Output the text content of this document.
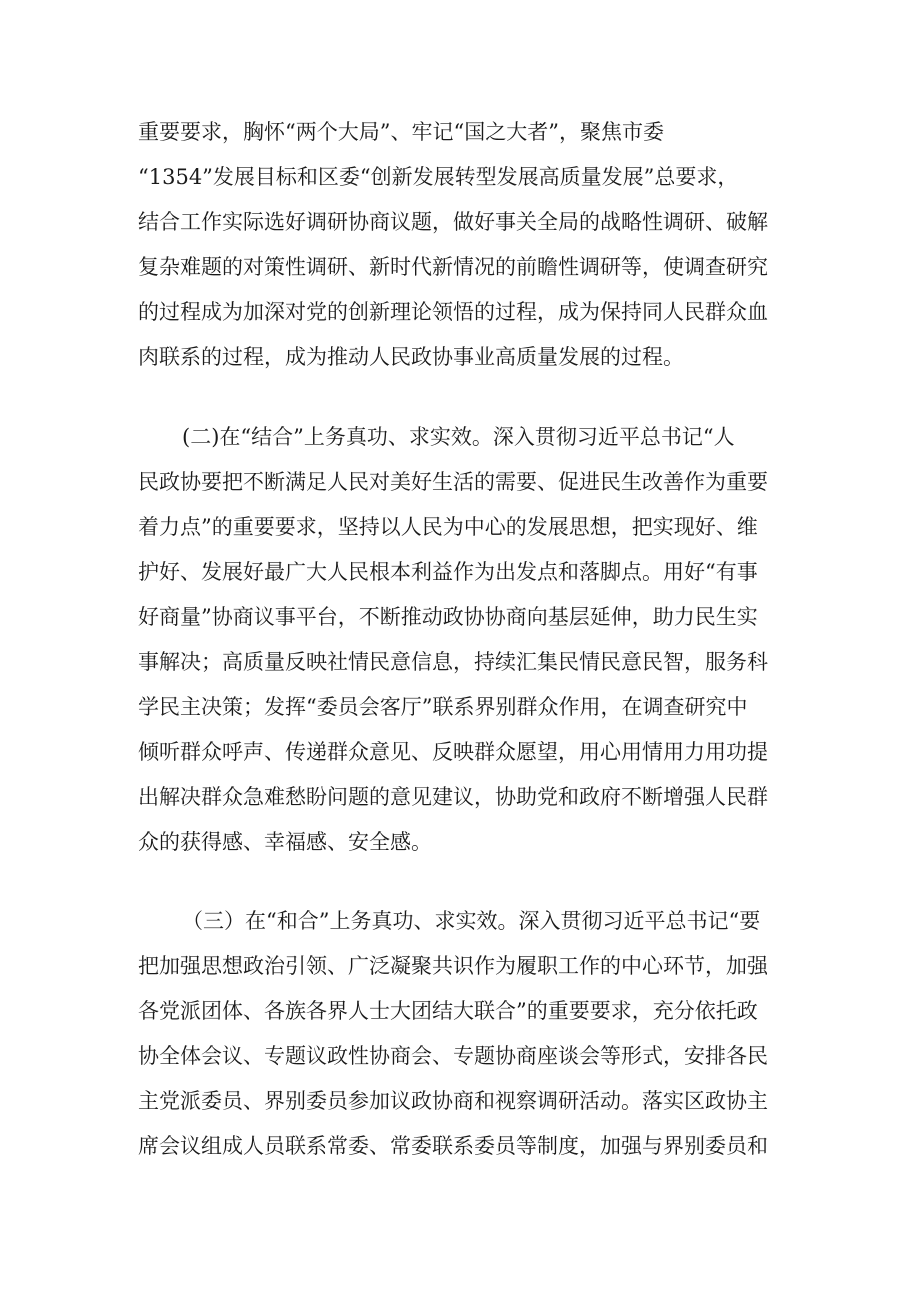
重要要求，胸怀“两个大局”、牢记“国之大者”，聚焦市委
“1354”发展目标和区委“创新发展转型发展高质量发展”总要求，
结合工作实际选好调研协商议题，做好事关全局的战略性调研、破解
复杂难题的对策性调研、新时代新情况的前瞻性调研等，使调查研究
的过程成为加深对党的创新理论领悟的过程，成为保持同人民群众血
肉联系的过程，成为推动人民政协事业高质量发展的过程。
(二)在“结合”上务真功、求实效。深入贯彻习近平总书记“人
民政协要把不断满足人民对美好生活的需要、促进民生改善作为重要
着力点”的重要要求，坚持以人民为中心的发展思想，把实现好、维
护好、发展好最广大人民根本利益作为出发点和落脚点。用好“有事
好商量”协商议事平台，不断推动政协协商向基层延伸，助力民生实
事解决；高质量反映社情民意信息，持续汇集民情民意民智，服务科
学民主决策；发挥“委员会客厅”联系界别群众作用，在调查研究中
倾听群众呼声、传递群众意见、反映群众愿望，用心用情用力用功提
出解决群众急难愁盼问题的意见建议，协助党和政府不断增强人民群
众的获得感、幸福感、安全感。
（三）在“和合”上务真功、求实效。深入贯彻习近平总书记“要
把加强思想政治引领、广泛凝聚共识作为履职工作的中心环节，加强
各党派团体、各族各界人士大团结大联合”的重要要求，充分依托政
协全体会议、专题议政性协商会、专题协商座谈会等形式，安排各民
主党派委员、界别委员参加议政协商和视察调研活动。落实区政协主
席会议组成人员联系常委、常委联系委员等制度，加强与界别委员和
